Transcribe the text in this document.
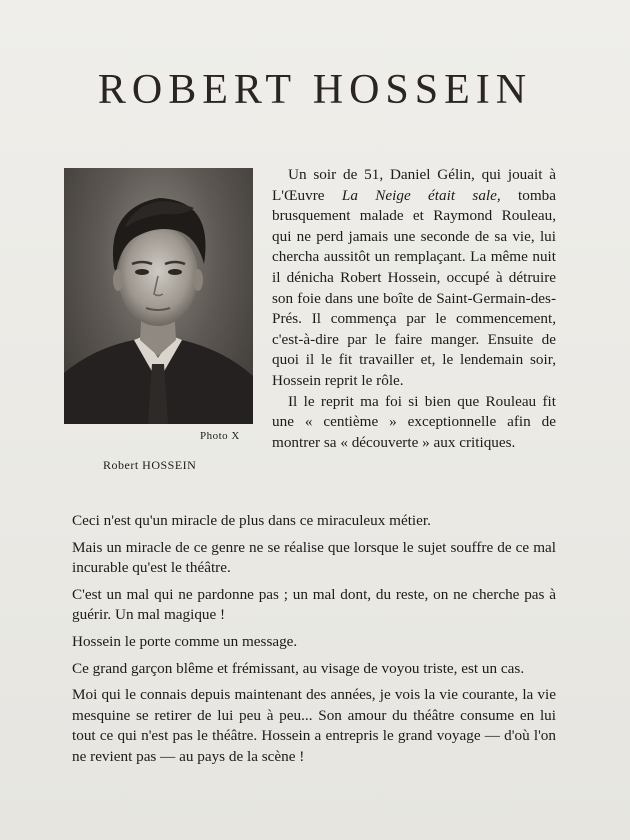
ROBERT HOSSEIN
Photo X
Robert HOSSEIN

Un soir de 51, Daniel Gélin, qui jouait à L'Œuvre La Neige était sale, tomba brusquement malade et Raymond Rouleau, qui ne perd jamais une seconde de sa vie, lui chercha aussitôt un remplaçant. La même nuit il dénicha Robert Hossein, occupé à détruire son foie dans une boîte de Saint-Germain-des-Prés. Il commença par le commencement, c'est-à-dire par le faire manger. Ensuite de quoi il le fit travailler et, le lendemain soir, Hossein reprit le rôle.

Il le reprit ma foi si bien que Rouleau fit une « centième » exceptionnelle afin de montrer sa « découverte » aux critiques.

Ceci n'est qu'un miracle de plus dans ce miraculeux métier.

Mais un miracle de ce genre ne se réalise que lorsque le sujet souffre de ce mal incurable qu'est le théâtre.

C'est un mal qui ne pardonne pas ; un mal dont, du reste, on ne cherche pas à guérir. Un mal magique !

Hossein le porte comme un message.

Ce grand garçon blême et frémissant, au visage de voyou triste, est un cas.

Moi qui le connais depuis maintenant des années, je vois la vie courante, la vie mesquine se retirer de lui peu à peu... Son amour du théâtre consume en lui tout ce qui n'est pas le théâtre. Hossein a entrepris le grand voyage — d'où l'on ne revient pas — au pays de la scène !
